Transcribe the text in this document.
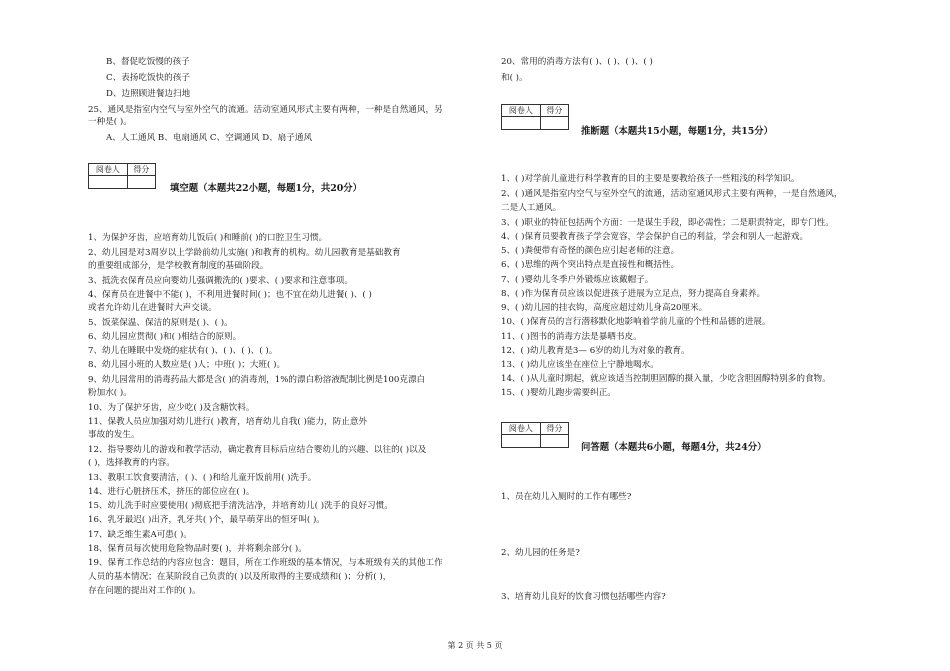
B、督促吃饭慢的孩子
C、表扬吃饭快的孩子
D、边照顾进餐边扫地
25、通风是指室内空气与室外空气的流通。活动室通风形式主要有两种，一种是自然通风，另
一种是( )。
A、人工通风 B、电扇通风 C、空调通风 D、扇子通风
阅卷人	得分

填空题（本题共22小题，每题1分，共20分）
1、为保护牙齿，应培育幼儿饭后( )和睡前( )的口腔卫生习惯。
2、幼儿园是对3周岁以上学龄前幼儿实施( )和教育的机构。幼儿园教育是基础教育
的重要组成部分，是学校教育制度的基础阶段。
3、抵洗衣保育员应向婴幼儿强调搬洗的( )要求、( )要求和注意事项。
4、保育员在进餐中不能( )，不利用进餐时间( )；也不宜在幼儿进餐( )、( )
或者允许幼儿在进餐时大声交谈。
5、饭菜保温、保洁的原则是( )、( )。
6、幼儿园应贯彻( )和( )相结合的原则。
7、幼儿在睡眠中发烧的症状有( )、( )、( )、( )。
8、幼儿园小班的人数应是( )人；中班( )；大班( )。
9、幼儿园常用的消毒药品大都是含( )的消毒剂，1%的漂白粉溶液配制比例是100克漂白
粉加水( )。
10、为了保护牙齿，应少吃( )及含糖饮料。
11、保教人员应加强对幼儿进行( )教育，培育幼儿自我( )能力，防止意外
事故的发生。
12、指导婴幼儿的游戏和教学活动，确定教育目标后应结合婴幼儿的兴趣、以往的( )以及
( )，选择教育的内容。
13、教职工饮食要清洁，( )、( )和给儿童开饭前用( )洗手。
14、进行心脏挤压术，挤压的部位应在( )。
15、幼儿洗手时应要使用( )彻底把手清洗洁净，并培育幼儿( )洗手的良好习惯。
16、乳牙最迟( )出齐，乳牙共( )个，最早萌芽出的恒牙叫( )。
17、缺乏维生素A可患( )。
18、保育员每次使用危险物品时要( )，并将剩余部分( )。
19、保育工作总结的内容应包含：题目，所在工作班级的基本情况，与本班级有关的其他工作
人员的基本情况；在某阶段自己负责的( )以及所取得的主要成绩和( )；分析( )，
存在问题的提出对工作的( )。
20、常用的消毒方法有( )、( )、( )、( )
和( )。
阅卷人	得分

推断题（本题共15小题，每题1分，共15分）
1、( )对学前儿童进行科学教育的目的主要是要教给孩子一些粗浅的科学知识。
2、( )通风是指室内空气与室外空气的流通，活动室通风形式主要有两种，一是自然通风，
二是人工通风。
3、( )职业的特征包括两个方面：一是谋生手段，即必需性；二是职责特定，即专门性。
4、( )保育员要教育孩子学会宽容，学会保护自己的利益，学会和别人一起游戏。
5、( )粪便带有奇怪的颜色应引起老师的注意。
6、( )思维的两个突出特点是直接性和概括性。
7、( )婴幼儿冬季户外锻炼应该戴帽子。
8、( )作为保育员应该以促进孩子进展为立足点，努力提高自身素养。
9、( )幼儿园的挂衣钩，高度应超过幼儿身高20厘米。
10、( )保育员的言行潜移默化地影响着学前儿童的个性和品德的进展。
11、( )图书的消毒方法是暴晒书皮。
12、( )幼儿教育是3— 6岁的幼儿为对象的教育。
13、( )幼儿应该坐在座位上宁静地喝水。
14、( )从儿童时期起，就应该适当控制胆固醇的摄入量，少吃含胆固醇特别多的食物。
15、( )婴幼儿跑步需要纠正。
阅卷人	得分

问答题（本题共6小题，每题4分，共24分）
1、员在幼儿入厕时的工作有哪些?
2、幼儿园的任务是?
3、培育幼儿良好的饮食习惯包括哪些内容?
第 2 页 共 5 页
